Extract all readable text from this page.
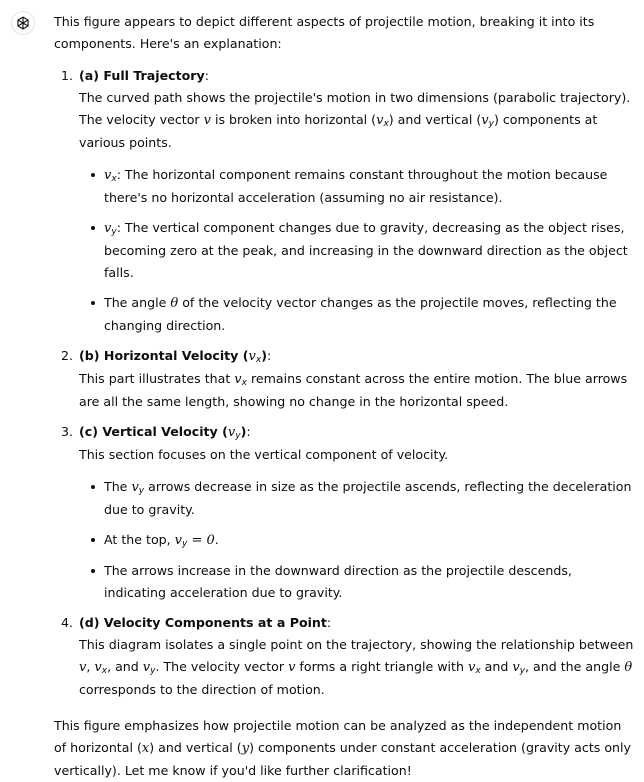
This figure appears to depict different aspects of projectile motion, breaking it into its components. Here's an explanation:

1. (a) Full Trajectory:
The curved path shows the projectile's motion in two dimensions (parabolic trajectory). The velocity vector v is broken into horizontal $(v_x)$ and vertical $(v_y)$ components at various points.
$v_x$: The horizontal component remains constant throughout the motion because there's no horizontal acceleration (assuming no air resistance).
$v_y$: The vertical component changes due to gravity, decreasing as the object rises, becoming zero at the peak, and increasing in the downward direction as the object falls.
The angle θ of the velocity vector changes as the projectile moves, reflecting the changing direction.
2. (b) Horizontal Velocity $(v_x)$:
This part illustrates that $v_x$ remains constant across the entire motion. The blue arrows are all the same length, showing no change in the horizontal speed.
3. (c) Vertical Velocity $(v_y)$:
This section focuses on the vertical component of velocity.
The $v_y$ arrows decrease in size as the projectile ascends, reflecting the deceleration due to gravity.
At the top, $v_y = 0$.
The arrows increase in the downward direction as the projectile descends, indicating acceleration due to gravity.
4. (d) Velocity Components at a Point:
This diagram isolates a single point on the trajectory, showing the relationship between v, $v_x$, and $v_y$. The velocity vector v forms a right triangle with $v_x$ and $v_y$, and the angle θ corresponds to the direction of motion.

This figure emphasizes how projectile motion can be analyzed as the independent motion of horizontal (x) and vertical (y) components under constant acceleration (gravity acts only vertically). Let me know if you'd like further clarification!
